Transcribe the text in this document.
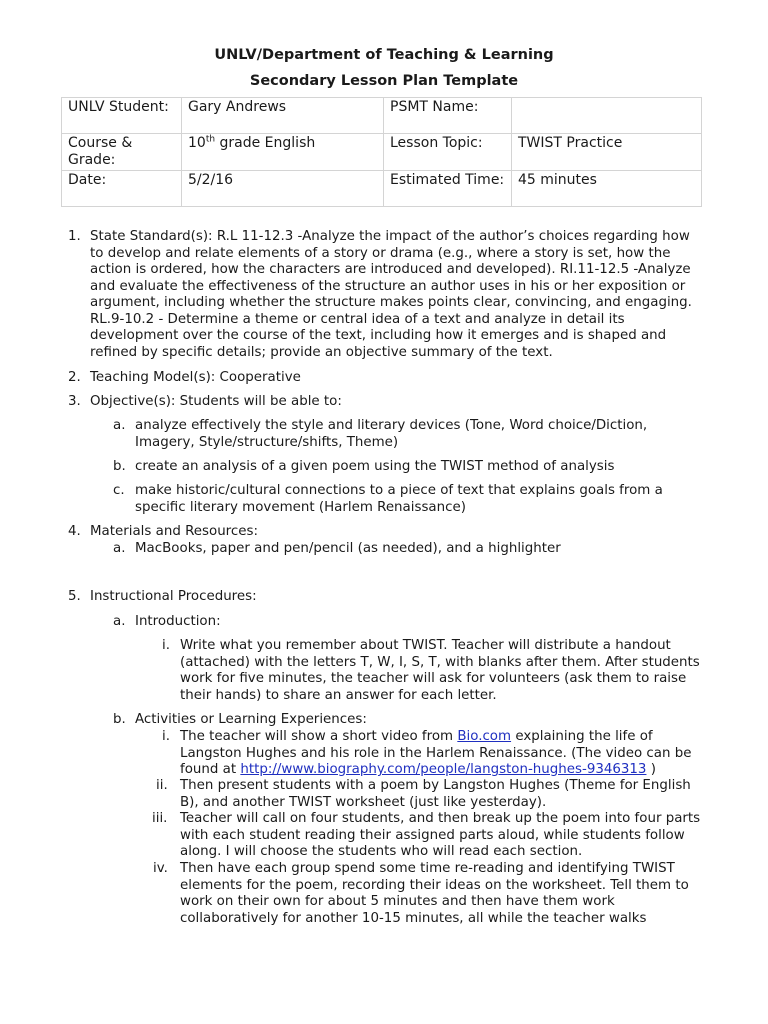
UNLV/Department of Teaching & Learning
Secondary Lesson Plan Template
UNLV Student:	Gary Andrews	PSMT Name:	
Course & Grade:	10th grade English	Lesson Topic:	TWIST Practice
Date:	5/2/16	Estimated Time:	45 minutes
1. State Standard(s): R.L 11-12.3 -Analyze the impact of the author’s choices regarding how to develop and relate elements of a story or drama (e.g., where a story is set, how the action is ordered, how the characters are introduced and developed). RI.11-12.5 -Analyze and evaluate the effectiveness of the structure an author uses in his or her exposition or argument, including whether the structure makes points clear, convincing, and engaging. RL.9-10.2 - Determine a theme or central idea of a text and analyze in detail its development over the course of the text, including how it emerges and is shaped and refined by specific details; provide an objective summary of the text.
2. Teaching Model(s): Cooperative
3. Objective(s): Students will be able to:
a. analyze effectively the style and literary devices (Tone, Word choice/Diction, Imagery, Style/structure/shifts, Theme)
b. create an analysis of a given poem using the TWIST method of analysis
c. make historic/cultural connections to a piece of text that explains goals from a specific literary movement (Harlem Renaissance)
4. Materials and Resources:
a. MacBooks, paper and pen/pencil (as needed), and a highlighter
5. Instructional Procedures:
a. Introduction:
i. Write what you remember about TWIST. Teacher will distribute a handout (attached) with the letters T, W, I, S, T, with blanks after them. After students work for five minutes, the teacher will ask for volunteers (ask them to raise their hands) to share an answer for each letter.
b. Activities or Learning Experiences:
i. The teacher will show a short video from Bio.com explaining the life of Langston Hughes and his role in the Harlem Renaissance. (The video can be found at http://www.biography.com/people/langston-hughes-9346313 )
ii. Then present students with a poem by Langston Hughes (Theme for English B), and another TWIST worksheet (just like yesterday).
iii. Teacher will call on four students, and then break up the poem into four parts with each student reading their assigned parts aloud, while students follow along. I will choose the students who will read each section.
iv. Then have each group spend some time re-reading and identifying TWIST elements for the poem, recording their ideas on the worksheet. Tell them to work on their own for about 5 minutes and then have them work collaboratively for another 10-15 minutes, all while the teacher walks
